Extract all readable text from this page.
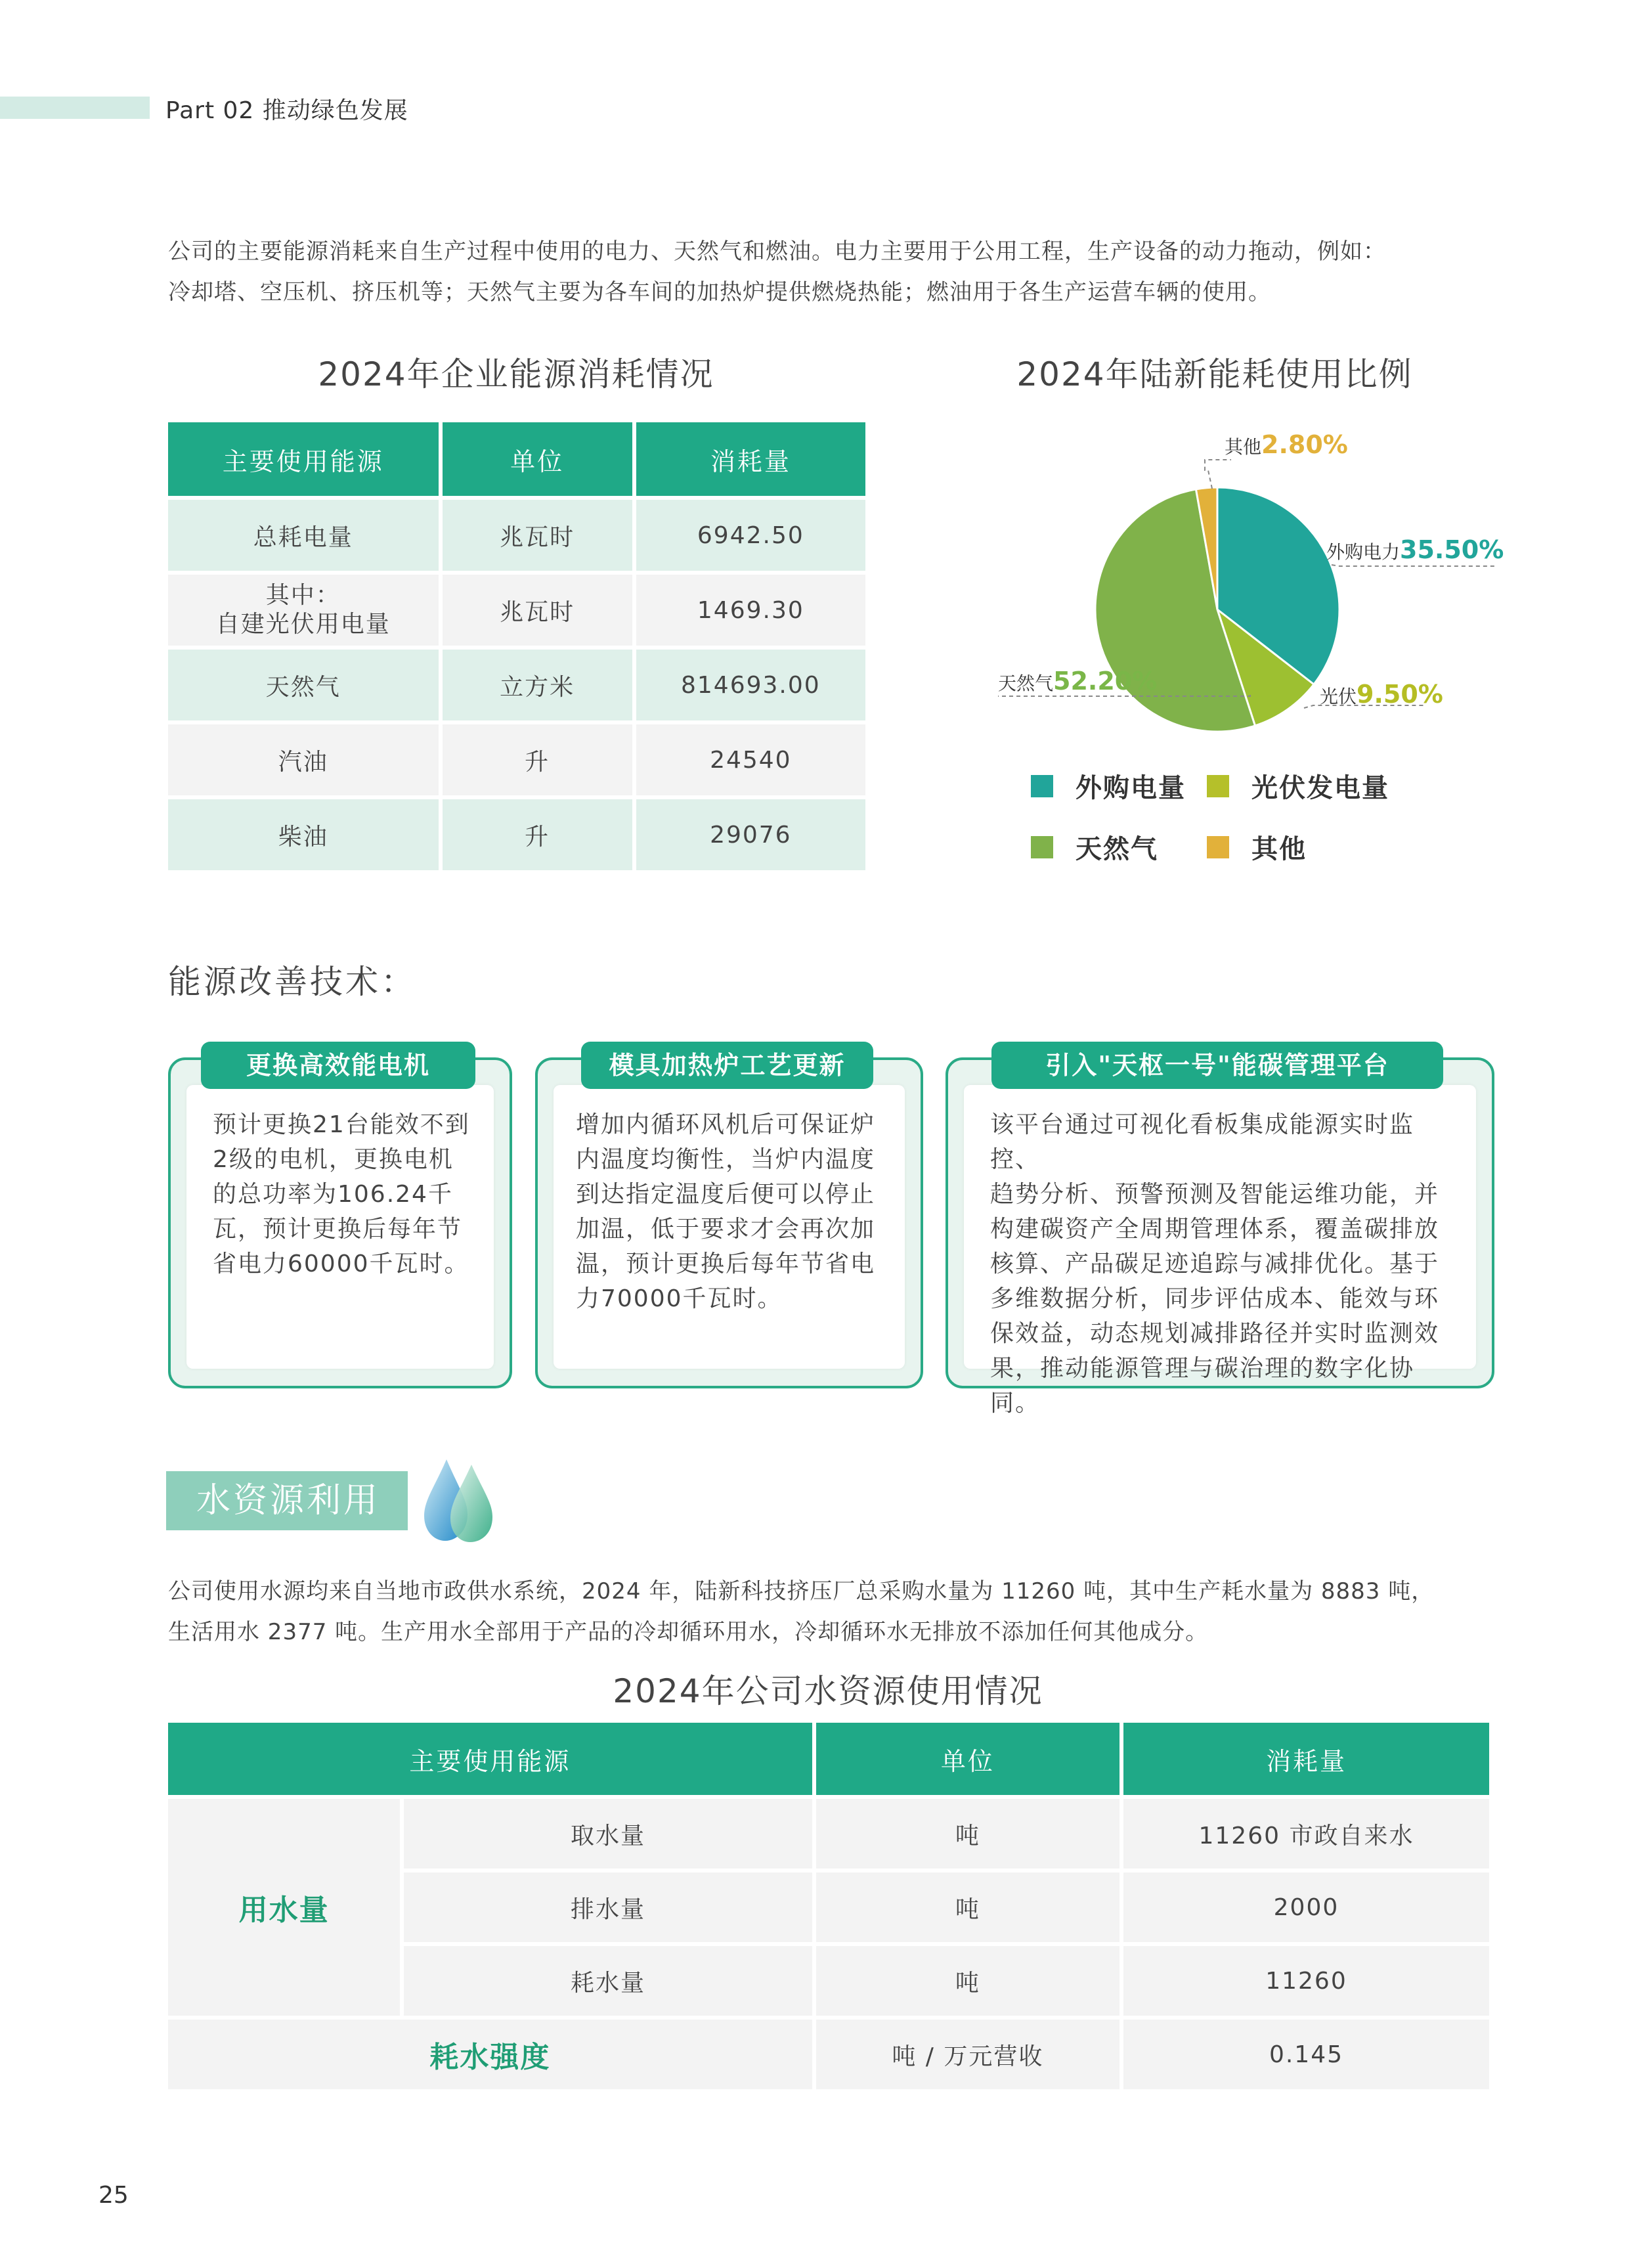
Part 02 推动绿色发展
公司的主要能源消耗来自生产过程中使用的电力、天然气和燃油。电力主要用于公用工程，生产设备的动力拖动，例如：
冷却塔、空压机、挤压机等；天然气主要为各车间的加热炉提供燃烧热能；燃油用于各生产运营车辆的使用。
2024年企业能源消耗情况
主要使用能源	单位	消耗量
总耗电量	兆瓦时	6942.50

其中：
自建光伏用电量	兆瓦时	1469.30
天然气	立方米	814693.00
汽油	升	24540
柴油	升	29076
2024年陆新能耗使用比例
外购电力35.50%
光伏9.50%
天然气52.20%
其他2.80%
外购电量	光伏发电量
天然气	其他
能源改善技术：
预计更换21台能效不到
2级的电机，更换电机
的总功率为106.24千
瓦，预计更换后每年节
省电力60000千瓦时。
更换高效能电机
增加内循环风机后可保证炉
内温度均衡性，当炉内温度
到达指定温度后便可以停止
加温，低于要求才会再次加
温，预计更换后每年节省电
力70000千瓦时。
模具加热炉工艺更新
该平台通过可视化看板集成能源实时监控、
趋势分析、预警预测及智能运维功能，并
构建碳资产全周期管理体系，覆盖碳排放
核算、产品碳足迹追踪与减排优化。基于
多维数据分析，同步评估成本、能效与环
保效益，动态规划减排路径并实时监测效
果，推动能源管理与碳治理的数字化协同。
引入"天枢一号"能碳管理平台
水资源利用
公司使用水源均来自当地市政供水系统，2024 年，陆新科技挤压厂总采购水量为 11260 吨，其中生产耗水量为 8883 吨，
生活用水 2377 吨。生产用水全部用于产品的冷却循环用水，冷却循环水无排放不添加任何其他成分。
2024年公司水资源使用情况
主要使用能源		单位	消耗量
用水量	取水量	吨	11260 市政自来水
	排水量	吨	2000
	耗水量	吨	11260
耗水强度		吨 / 万元营收	0.145
25
